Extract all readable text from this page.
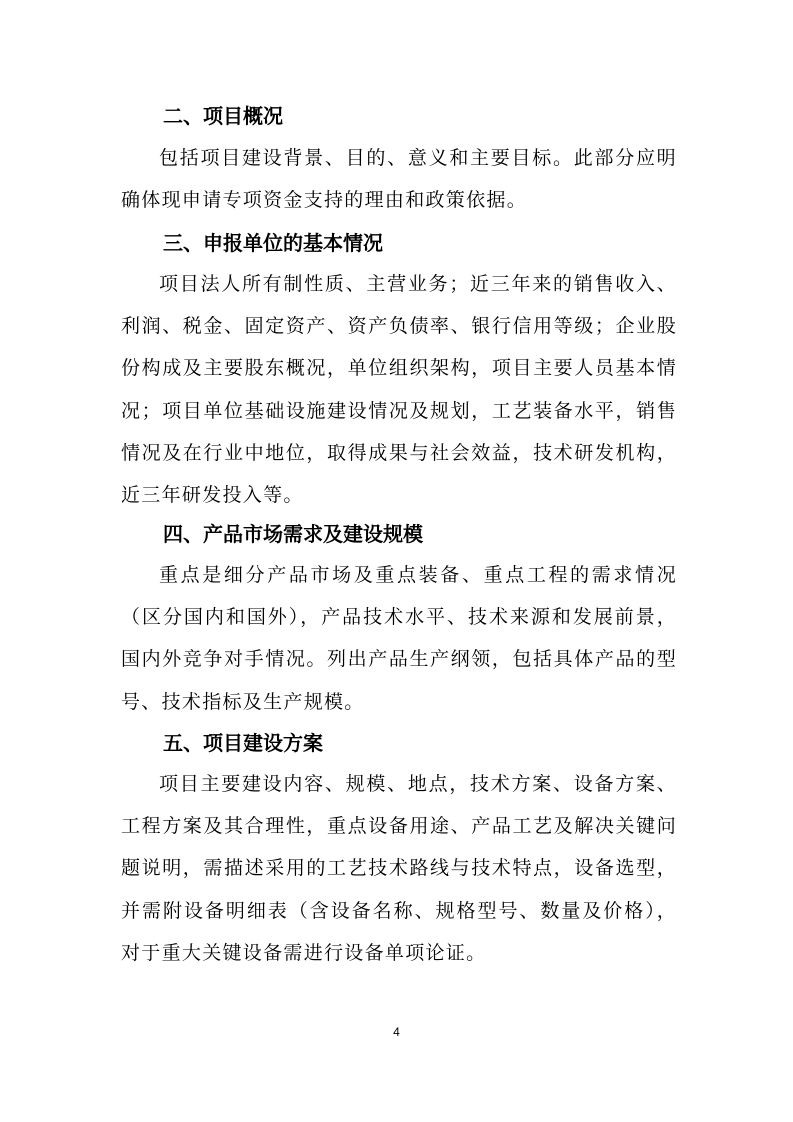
二、项目概况

包括项目建设背景、目的、意义和主要目标。此部分应明确体现申请专项资金支持的理由和政策依据。

三、申报单位的基本情况

项目法人所有制性质、主营业务；近三年来的销售收入、利润、税金、固定资产、资产负债率、银行信用等级；企业股份构成及主要股东概况，单位组织架构，项目主要人员基本情况；项目单位基础设施建设情况及规划，工艺装备水平，销售情况及在行业中地位，取得成果与社会效益，技术研发机构，近三年研发投入等。

四、产品市场需求及建设规模

重点是细分产品市场及重点装备、重点工程的需求情况（区分国内和国外），产品技术水平、技术来源和发展前景，国内外竞争对手情况。列出产品生产纲领，包括具体产品的型号、技术指标及生产规模。

五、项目建设方案

项目主要建设内容、规模、地点，技术方案、设备方案、工程方案及其合理性，重点设备用途、产品工艺及解决关键问题说明，需描述采用的工艺技术路线与技术特点，设备选型，并需附设备明细表（含设备名称、规格型号、数量及价格），对于重大关键设备需进行设备单项论证。

4
